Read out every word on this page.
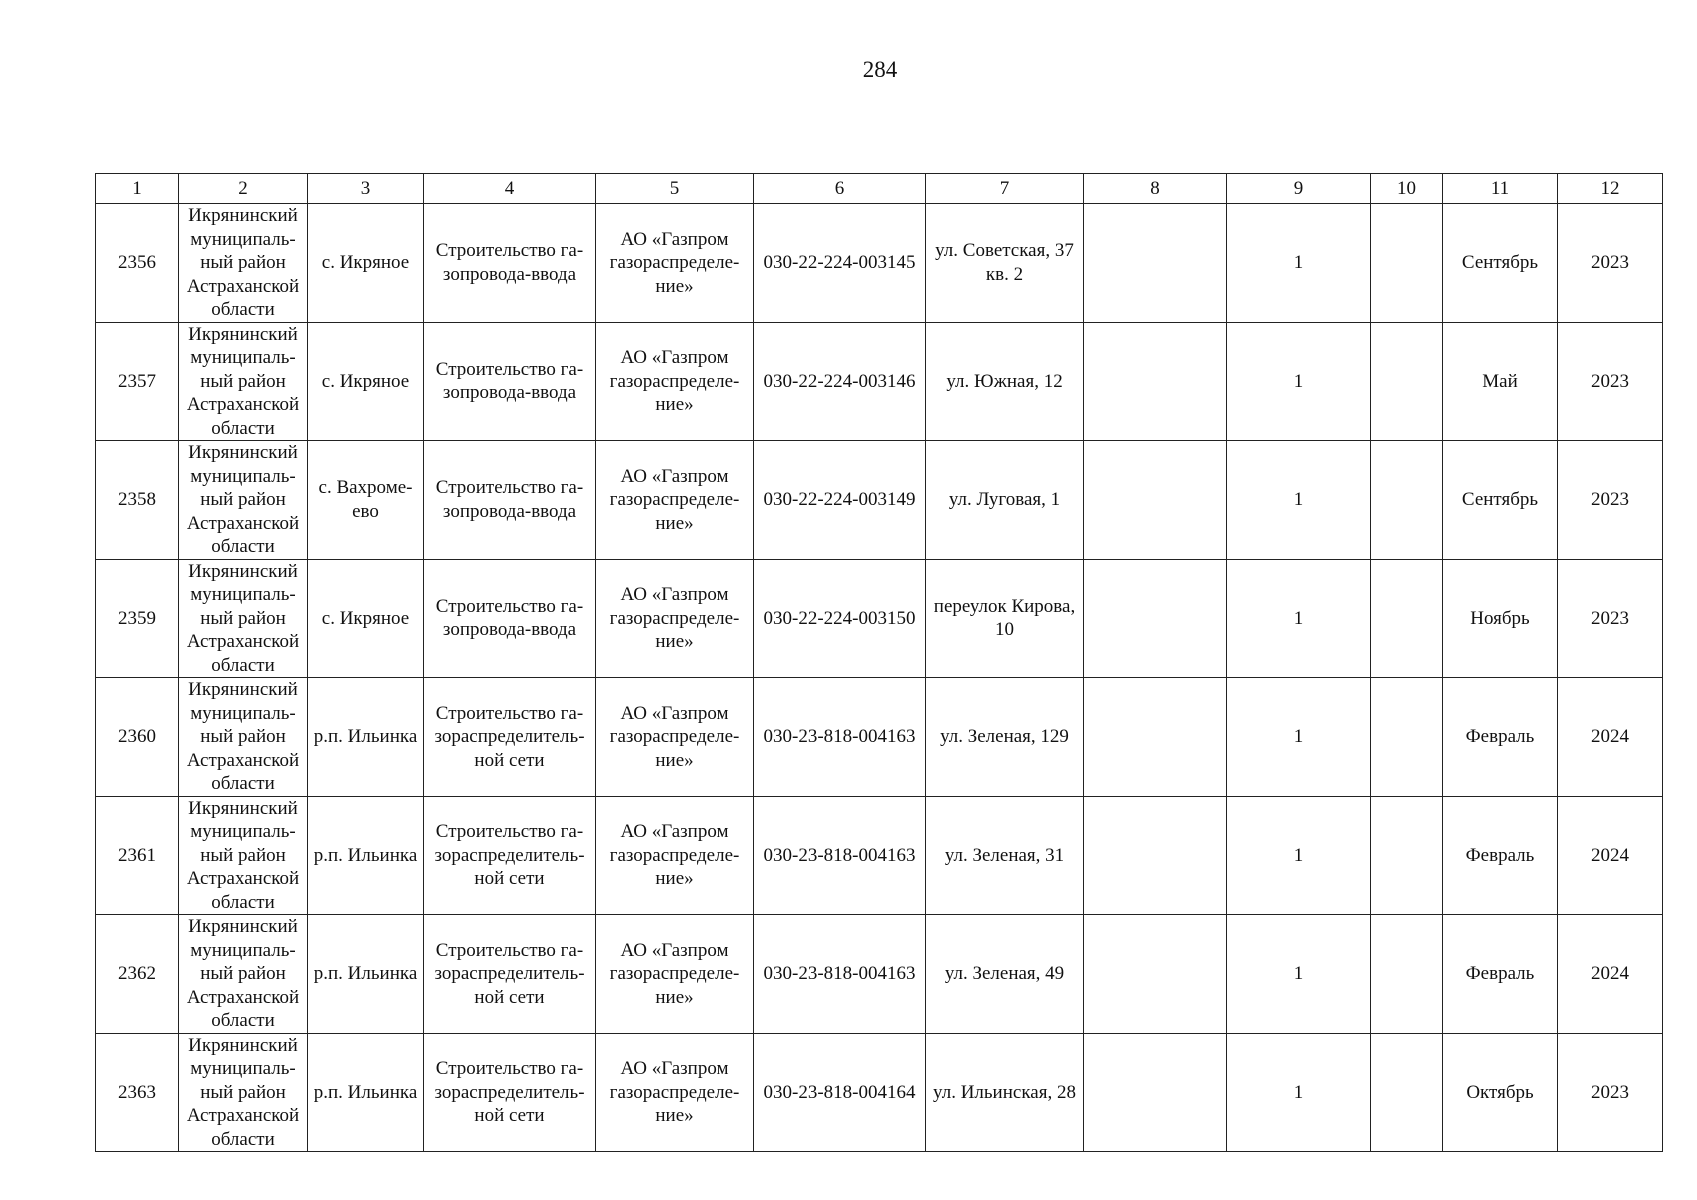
284
1	2	3	4	5	6	7	8	9	10	11	12
2356	Икрянинский муниципаль-ный район Астраханской области	с. Икряное	Строительство га-зопровода-ввода	АО «Газпром газораспределе-ние»	030-22-224-003145	ул. Советская, 37 кв. 2		1		Сентябрь	2023
2357	Икрянинский муниципаль-ный район Астраханской области	с. Икряное	Строительство га-зопровода-ввода	АО «Газпром газораспределе-ние»	030-22-224-003146	ул. Южная, 12		1		Май	2023
2358	Икрянинский муниципаль-ный район Астраханской области	с. Вахроме-ево	Строительство га-зопровода-ввода	АО «Газпром газораспределе-ние»	030-22-224-003149	ул. Луговая, 1		1		Сентябрь	2023
2359	Икрянинский муниципаль-ный район Астраханской области	с. Икряное	Строительство га-зопровода-ввода	АО «Газпром газораспределе-ние»	030-22-224-003150	переулок Кирова, 10		1		Ноябрь	2023
2360	Икрянинский муниципаль-ный район Астраханской области	р.п. Ильинка	Строительство га-зораспределитель-ной сети	АО «Газпром газораспределе-ние»	030-23-818-004163	ул. Зеленая, 129		1		Февраль	2024
2361	Икрянинский муниципаль-ный район Астраханской области	р.п. Ильинка	Строительство га-зораспределитель-ной сети	АО «Газпром газораспределе-ние»	030-23-818-004163	ул. Зеленая, 31		1		Февраль	2024
2362	Икрянинский муниципаль-ный район Астраханской области	р.п. Ильинка	Строительство га-зораспределитель-ной сети	АО «Газпром газораспределе-ние»	030-23-818-004163	ул. Зеленая, 49		1		Февраль	2024
2363	Икрянинский муниципаль-ный район Астраханской области	р.п. Ильинка	Строительство га-зораспределитель-ной сети	АО «Газпром газораспределе-ние»	030-23-818-004164	ул. Ильинская, 28		1		Октябрь	2023
